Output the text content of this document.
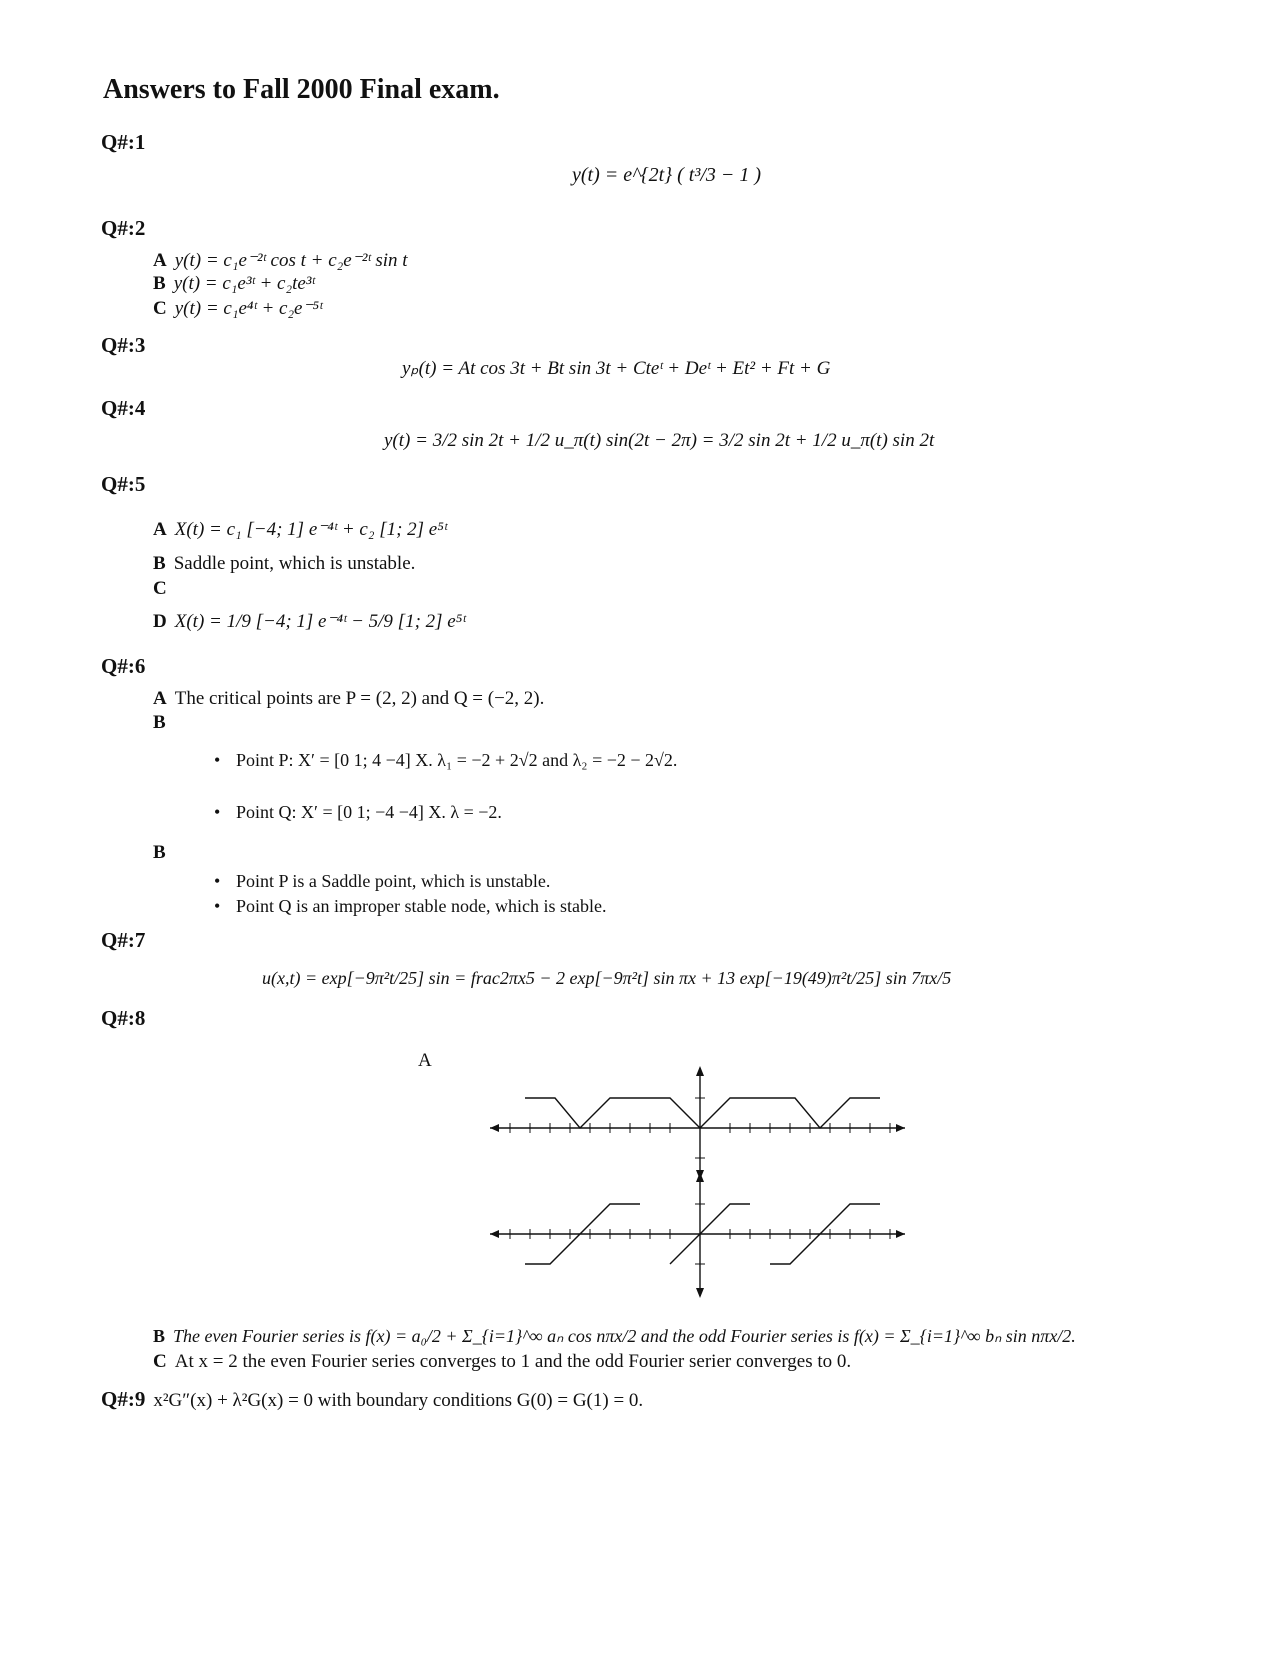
Answers to Fall 2000 Final exam.
Q#:1
y(t) = e^{2t} ( t³/3 − 1 )
Q#:2
A y(t) = c₁e⁻²ᵗ cos t + c₂e⁻²ᵗ sin t
B y(t) = c₁e³ᵗ + c₂te³ᵗ
C y(t) = c₁e⁴ᵗ + c₂e⁻⁵ᵗ
Q#:3
yₚ(t) = At cos 3t + Bt sin 3t + Cteᵗ + Deᵗ + Et² + Ft + G
Q#:4
y(t) = 3/2 sin 2t + 1/2 u_π(t) sin(2t − 2π) = 3/2 sin 2t + 1/2 u_π(t) sin 2t
Q#:5
A X(t) = c₁ [−4; 1] e⁻⁴ᵗ + c₂ [1; 2] e⁵ᵗ
B Saddle point, which is unstable.
C
D X(t) = 1/9 [−4; 1] e⁻⁴ᵗ − 5/9 [1; 2] e⁵ᵗ
Q#:6
A The critical points are P = (2, 2) and Q = (−2, 2).
B
• Point P: X′ = [0 1; 4 −4] X. λ₁ = −2 + 2√2 and λ₂ = −2 − 2√2.
• Point Q: X′ = [0 1; −4 −4] X. λ = −2.
B
• Point P is a Saddle point, which is unstable.
• Point Q is an improper stable node, which is stable.
Q#:7
u(x,t) = exp[−9π²t/25] sin = frac2πx5 − 2 exp[−9π²t] sin πx + 13 exp[−19(49)π²t/25] sin 7πx/5
Q#:8
A
B The even Fourier series is f(x) = a₀/2 + Σ_{i=1}^∞ aₙ cos nπx/2 and the odd Fourier series is f(x) = Σ_{i=1}^∞ bₙ sin nπx/2.
C At x = 2 the even Fourier series converges to 1 and the odd Fourier serier converges to 0.
Q#:9 x²G″(x) + λ²G(x) = 0 with boundary conditions G(0) = G(1) = 0.
